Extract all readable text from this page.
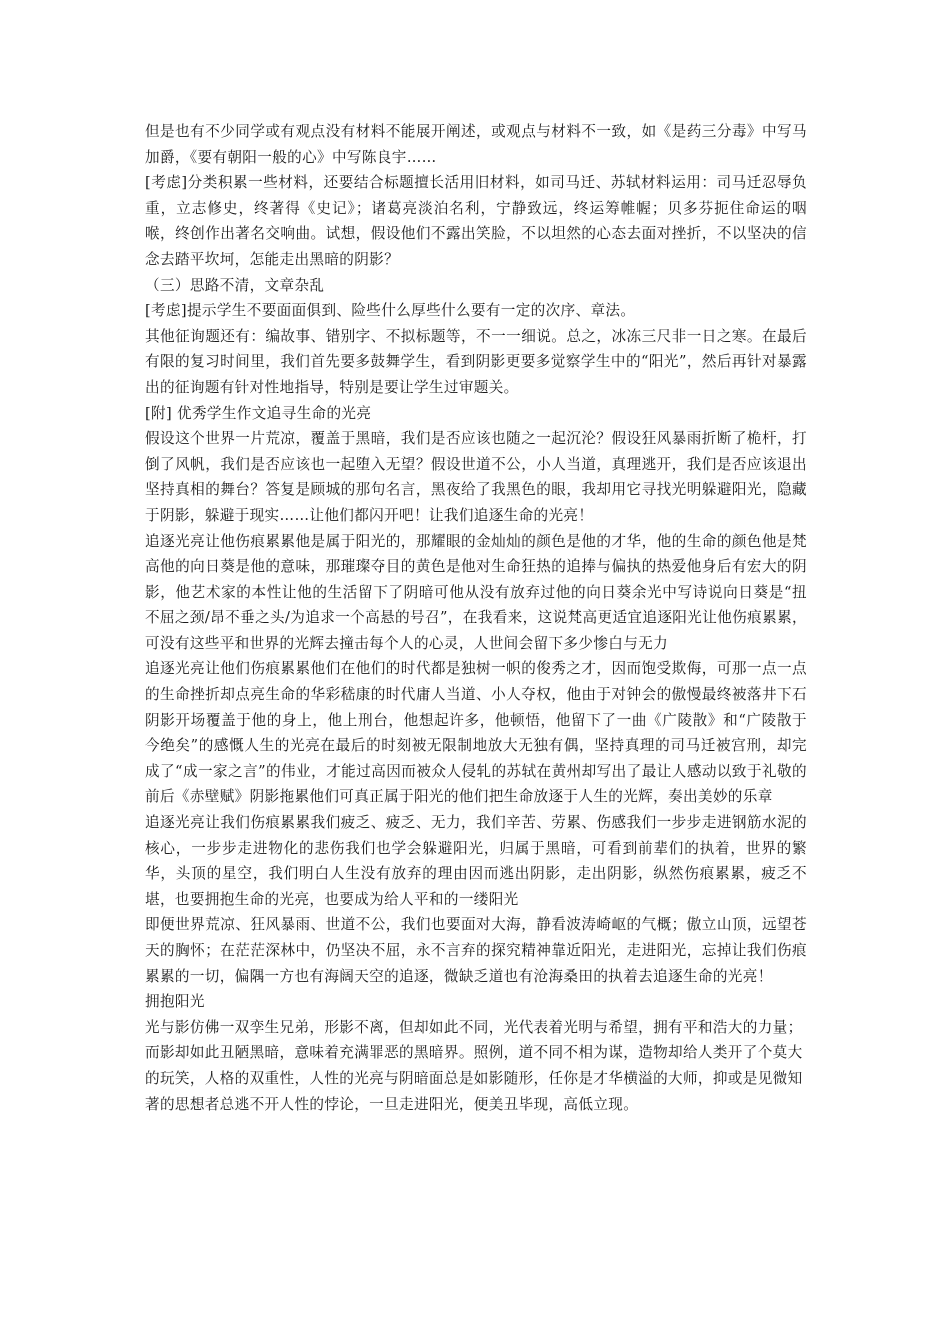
但是也有不少同学或有观点没有材料不能展开阐述，或观点与材料不一致，如《是药三分毒》中写马加爵，《要有朝阳一般的心》中写陈良宇……

[考虑]分类积累一些材料，还要结合标题擅长活用旧材料，如司马迁、苏轼材料运用：司马迁忍辱负重，立志修史，终著得《史记》；诸葛亮淡泊名利，宁静致远，终运筹帷幄；贝多芬扼住命运的咽喉，终创作出著名交响曲。试想，假设他们不露出笑脸，不以坦然的心态去面对挫折，不以坚决的信念去踏平坎坷，怎能走出黑暗的阴影？

（三）思路不清，文章杂乱

[考虑]提示学生不要面面俱到、险些什么厚些什么要有一定的次序、章法。

其他征询题还有：编故事、错别字、不拟标题等，不一一细说。总之，冰冻三尺非一日之寒。在最后有限的复习时间里，我们首先要多鼓舞学生，看到阴影更要多觉察学生中的“阳光”，然后再针对暴露出的征询题有针对性地指导，特别是要让学生过审题关。

[附] 优秀学生作文追寻生命的光亮

假设这个世界一片荒凉，覆盖于黑暗，我们是否应该也随之一起沉沦？假设狂风暴雨折断了桅杆，打倒了风帆，我们是否应该也一起堕入无望？假设世道不公，小人当道，真理逃开，我们是否应该退出坚持真相的舞台？答复是顾城的那句名言，黑夜给了我黑色的眼，我却用它寻找光明躲避阳光，隐藏于阴影，躲避于现实……让他们都闪开吧！让我们追逐生命的光亮！

追逐光亮让他伤痕累累他是属于阳光的，那耀眼的金灿灿的颜色是他的才华，他的生命的颜色他是梵高他的向日葵是他的意味，那璀璨夺目的黄色是他对生命狂热的追捧与偏执的热爱他身后有宏大的阴影，他艺术家的本性让他的生活留下了阴暗可他从没有放弃过他的向日葵余光中写诗说向日葵是“扭不屈之颈/昂不垂之头/为追求一个高悬的号召”，在我看来，这说梵高更适宜追逐阳光让他伤痕累累，可没有这些平和世界的光辉去撞击每个人的心灵，人世间会留下多少惨白与无力

追逐光亮让他们伤痕累累他们在他们的时代都是独树一帜的俊秀之才，因而饱受欺侮，可那一点一点的生命挫折却点亮生命的华彩嵇康的时代庸人当道、小人夺权，他由于对钟会的傲慢最终被落井下石阴影开场覆盖于他的身上，他上刑台，他想起许多，他顿悟，他留下了一曲《广陵散》和“广陵散于今绝矣”的感慨人生的光亮在最后的时刻被无限制地放大无独有偶，坚持真理的司马迁被宫刑，却完成了“成一家之言”的伟业，才能过高因而被众人侵轧的苏轼在黄州却写出了最让人感动以致于礼敬的前后《赤壁赋》阴影拖累他们可真正属于阳光的他们把生命放逐于人生的光辉，奏出美妙的乐章

追逐光亮让我们伤痕累累我们疲乏、疲乏、无力，我们辛苦、劳累、伤感我们一步步走进钢筋水泥的核心，一步步走进物化的悲伤我们也学会躲避阳光，归属于黑暗，可看到前辈们的执着，世界的繁华，头顶的星空，我们明白人生没有放弃的理由因而逃出阴影，走出阴影，纵然伤痕累累，疲乏不堪，也要拥抱生命的光亮，也要成为给人平和的一缕阳光

即便世界荒凉、狂风暴雨、世道不公，我们也要面对大海，静看波涛崎岖的气概；傲立山顶，远望苍天的胸怀；在茫茫深林中，仍坚决不屈，永不言弃的探究精神靠近阳光，走进阳光，忘掉让我们伤痕累累的一切，偏隅一方也有海阔天空的追逐，微缺乏道也有沧海桑田的执着去追逐生命的光亮！

拥抱阳光

光与影仿佛一双孪生兄弟，形影不离，但却如此不同，光代表着光明与希望，拥有平和浩大的力量；而影却如此丑陋黑暗，意味着充满罪恶的黑暗界。照例，道不同不相为谋，造物却给人类开了个莫大的玩笑，人格的双重性，人性的光亮与阴暗面总是如影随形，任你是才华横溢的大师，抑或是见微知著的思想者总逃不开人性的悖论，一旦走进阳光，便美丑毕现，高低立现。
